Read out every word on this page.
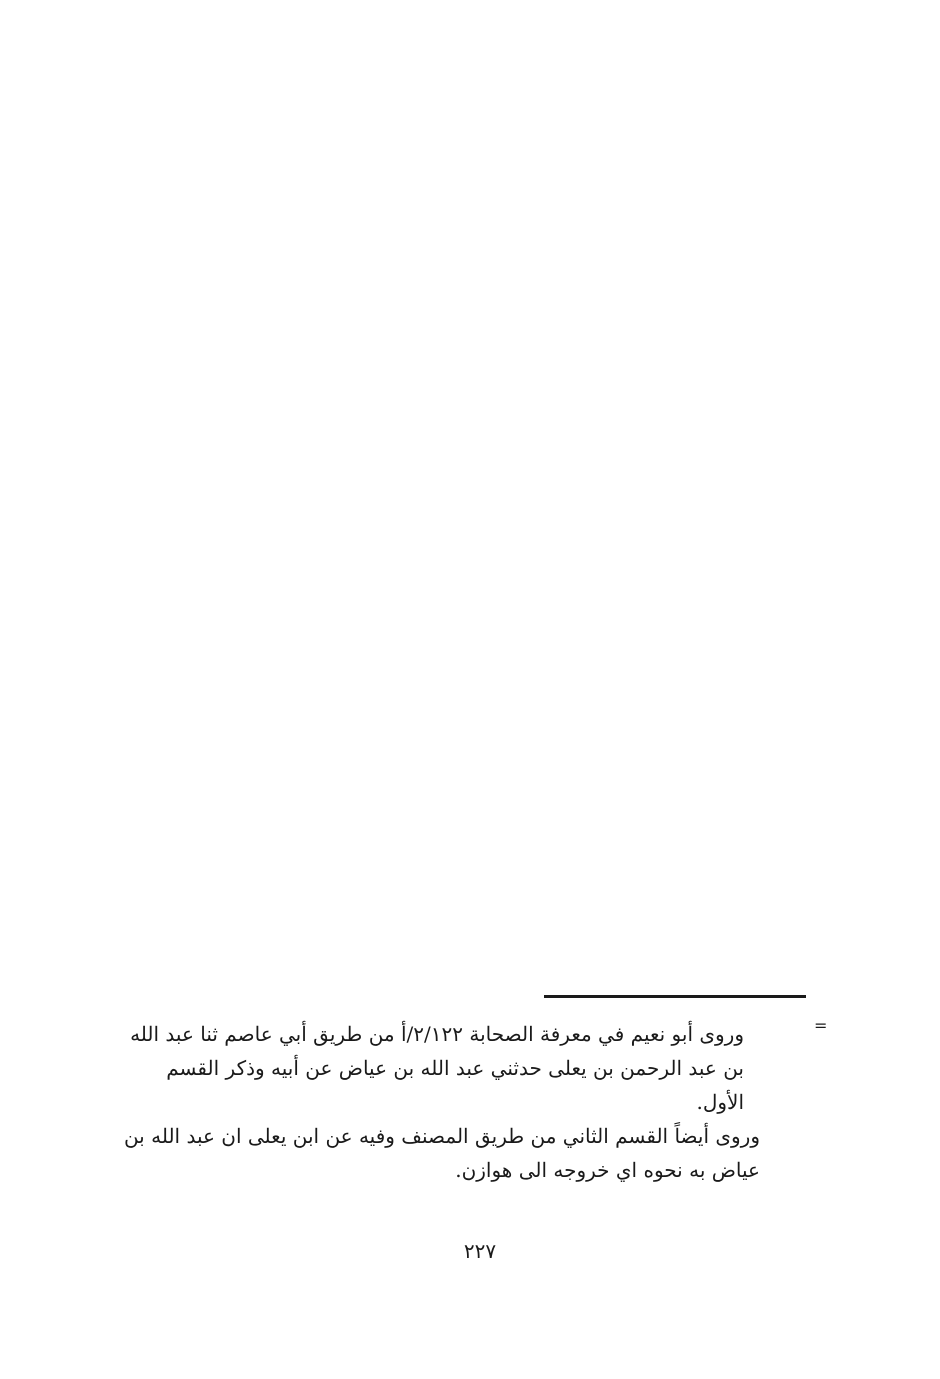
=

وروى أبو نعيم في معرفة الصحابة ٢/١٢٢/أ من طريق أبي عاصم ثنا عبد الله بن عبد الرحمن بن يعلى حدثني عبد الله بن عياض عن أبيه وذكر القسم الأول.

وروى أيضاً القسم الثاني من طريق المصنف وفيه عن ابن يعلى ان عبد الله بن عياض به نحوه اي خروجه الى هوازن.

٢٢٧
